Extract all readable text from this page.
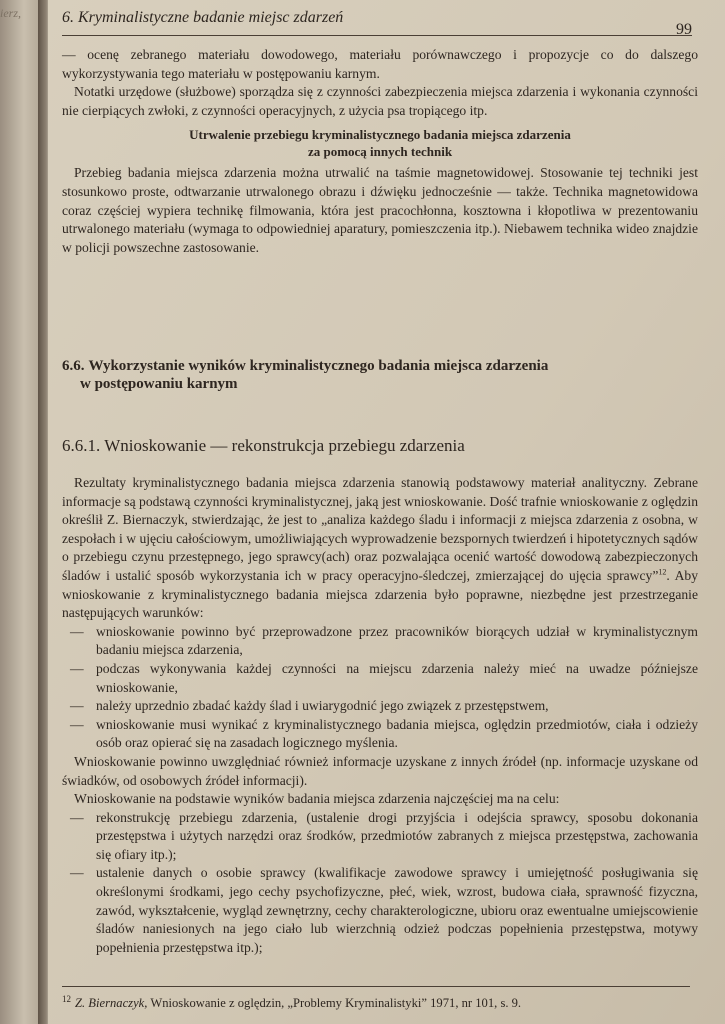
ierz,	6. Kryminalistyczne badanie miejsc zdarzeń
99

— ocenę zebranego materiału dowodowego, materiału porównawczego i propozycje co do dalszego wykorzystywania tego materiału w postępowaniu karnym.

Notatki urzędowe (służbowe) sporządza się z czynności zabezpieczenia miejsca zdarzenia i wykonania czynności nie cierpiących zwłoki, z czynności operacyjnych, z użycia psa tropiącego itp.

Utrwalenie przebiegu kryminalistycznego badania miejsca zdarzenia
za pomocą innych technik

Przebieg badania miejsca zdarzenia można utrwalić na taśmie magnetowidowej. Stosowanie tej techniki jest stosunkowo proste, odtwarzanie utrwalonego obrazu i dźwięku jednocześnie — także. Technika magnetowidowa coraz częściej wypiera technikę filmowania, która jest pracochłonna, kosztowna i kłopotliwa w prezentowaniu utrwalonego materiału (wymaga to odpowiedniej aparatury, pomieszczenia itp.). Niebawem technika wideo znajdzie w policji powszechne zastosowanie.

6.6. Wykorzystanie wyników kryminalistycznego badania miejsca zdarzenia
w postępowaniu karnym
6.6.1. Wnioskowanie — rekonstrukcja przebiegu zdarzenia

Rezultaty kryminalistycznego badania miejsca zdarzenia stanowią podstawowy materiał analityczny. Zebrane informacje są podstawą czynności kryminalistycznej, jaką jest wnioskowanie. Dość trafnie wnioskowanie z oględzin określił Z. Biernaczyk, stwierdzając, że jest to „analiza każdego śladu i informacji z miejsca zdarzenia z osobna, w zespołach i w ujęciu całościowym, umożliwiających wyprowadzenie bezspornych twierdzeń i hipotetycznych sądów o przebiegu czynu przestępnego, jego sprawcy(ach) oraz pozwalająca ocenić wartość dowodową zabezpieczonych śladów i ustalić sposób wykorzystania ich w pracy operacyjno-śledczej, zmierzającej do ujęcia sprawcy”$^{12}$. Aby wnioskowanie z kryminalistycznego badania miejsca zdarzenia było poprawne, niezbędne jest przestrzeganie następujących warunków:

— wnioskowanie powinno być przeprowadzone przez pracowników biorących udział w kryminalistycznym badaniu miejsca zdarzenia,

— podczas wykonywania każdej czynności na miejscu zdarzenia należy mieć na uwadze późniejsze wnioskowanie,

— należy uprzednio zbadać każdy ślad i uwiarygodnić jego związek z przestępstwem,

— wnioskowanie musi wynikać z kryminalistycznego badania miejsca, oględzin przedmiotów, ciała i odzieży osób oraz opierać się na zasadach logicznego myślenia.

Wnioskowanie powinno uwzględniać również informacje uzyskane z innych źródeł (np. informacje uzyskane od świadków, od osobowych źródeł informacji).

Wnioskowanie na podstawie wyników badania miejsca zdarzenia najczęściej ma na celu:

— rekonstrukcję przebiegu zdarzenia, (ustalenie drogi przyjścia i odejścia sprawcy, sposobu dokonania przestępstwa i użytych narzędzi oraz środków, przedmiotów zabranych z miejsca przestępstwa, zachowania się ofiary itp.);

— ustalenie danych o osobie sprawcy (kwalifikacje zawodowe sprawcy i umiejętność posługiwania się określonymi środkami, jego cechy psychofizyczne, płeć, wiek, wzrost, budowa ciała, sprawność fizyczna, zawód, wykształcenie, wygląd zewnętrzny, cechy charakterologiczne, ubioru oraz ewentualne umiejscowienie śladów naniesionych na jego ciało lub wierzchnią odzież podczas popełnienia przestępstwa, motywy popełnienia przestępstwa itp.);

$^{12}$ Z. Biernaczyk, Wnioskowanie z oględzin, „Problemy Kryminalistyki” 1971, nr 101, s. 9.
